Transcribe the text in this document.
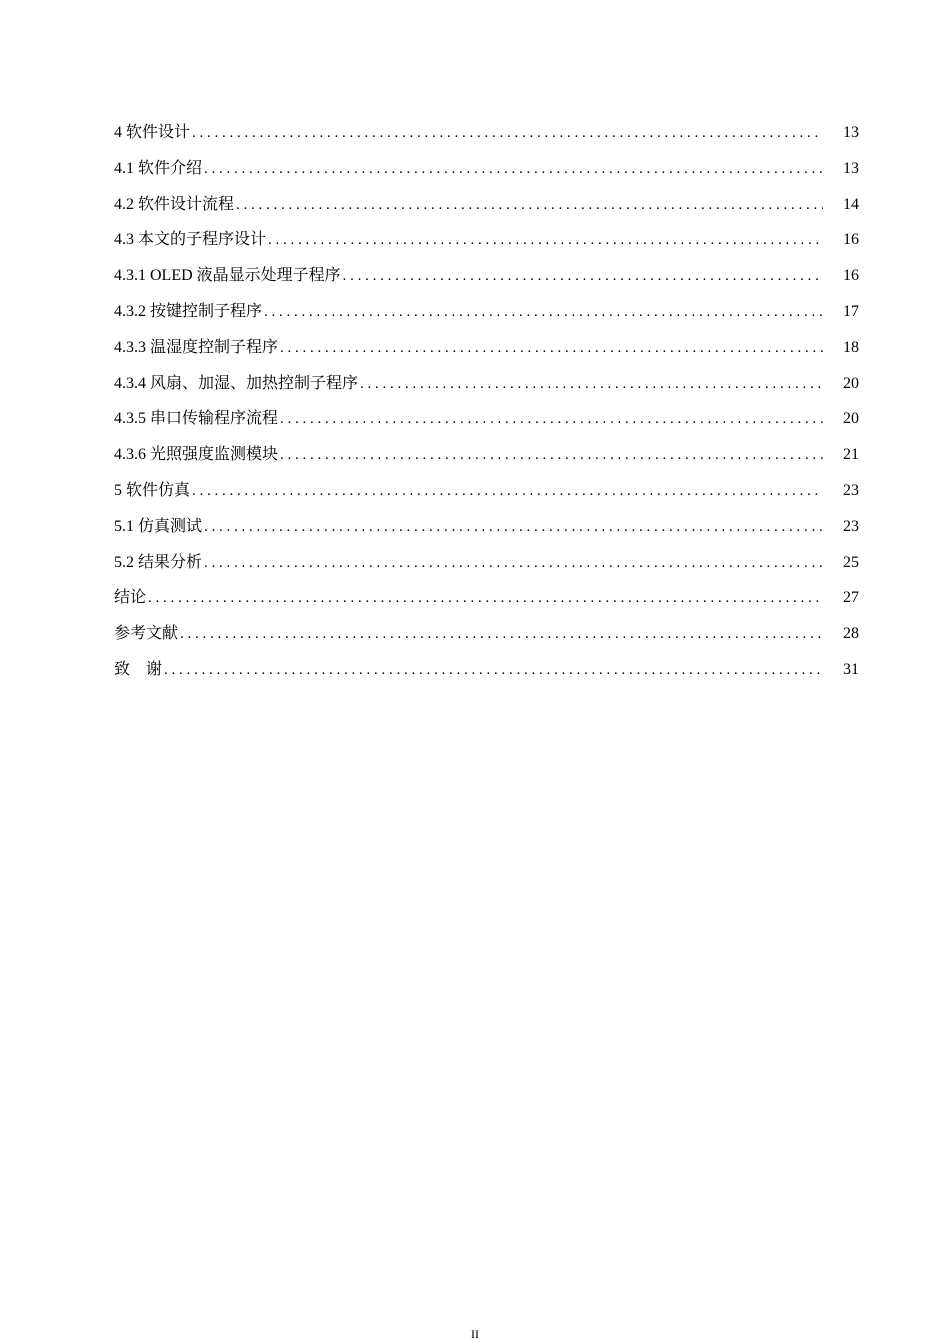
4 软件设计 . . .	13
4.1 软件介绍 . . .	13
4.2 软件设计流程 . . .	14
4.3 本文的子程序设计 . . .	16
4.3.1 OLED 液晶显示处理子程序 . . .	16
4.3.2 按键控制子程序 . . .	17
4.3.3 温湿度控制子程序 . . .	18
4.3.4 风扇、加湿、加热控制子程序 . . .	20
4.3.5 串口传输程序流程 . . .	20
4.3.6 光照强度监测模块 . . .	21
5 软件仿真 . . .	23
5.1 仿真测试 . . .	23
5.2 结果分析 . . .	25
结论 . . .	27
参考文献 . . .	28
致    谢 . . .	31
II
